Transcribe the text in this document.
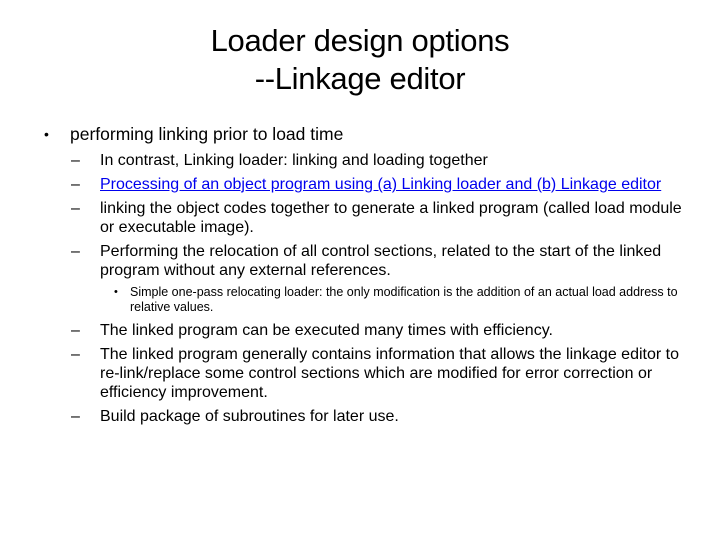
Loader design options
--Linkage editor
• performing linking prior to load time
– In contrast, Linking loader: linking and loading together
– Processing of an object program using (a) Linking loader and (b) Linkage editor
– linking the object codes together to generate a linked program (called load module or executable image).
– Performing the relocation of all control sections, related to the start of the linked program without any external references.
• Simple one-pass relocating loader: the only modification is the addition of an actual load address to relative values.
– The linked program can be executed many times with efficiency.
– The linked program generally contains information that allows the linkage editor to re-link/replace some control sections which are modified for error correction or efficiency improvement.
– Build package of subroutines for later use.
